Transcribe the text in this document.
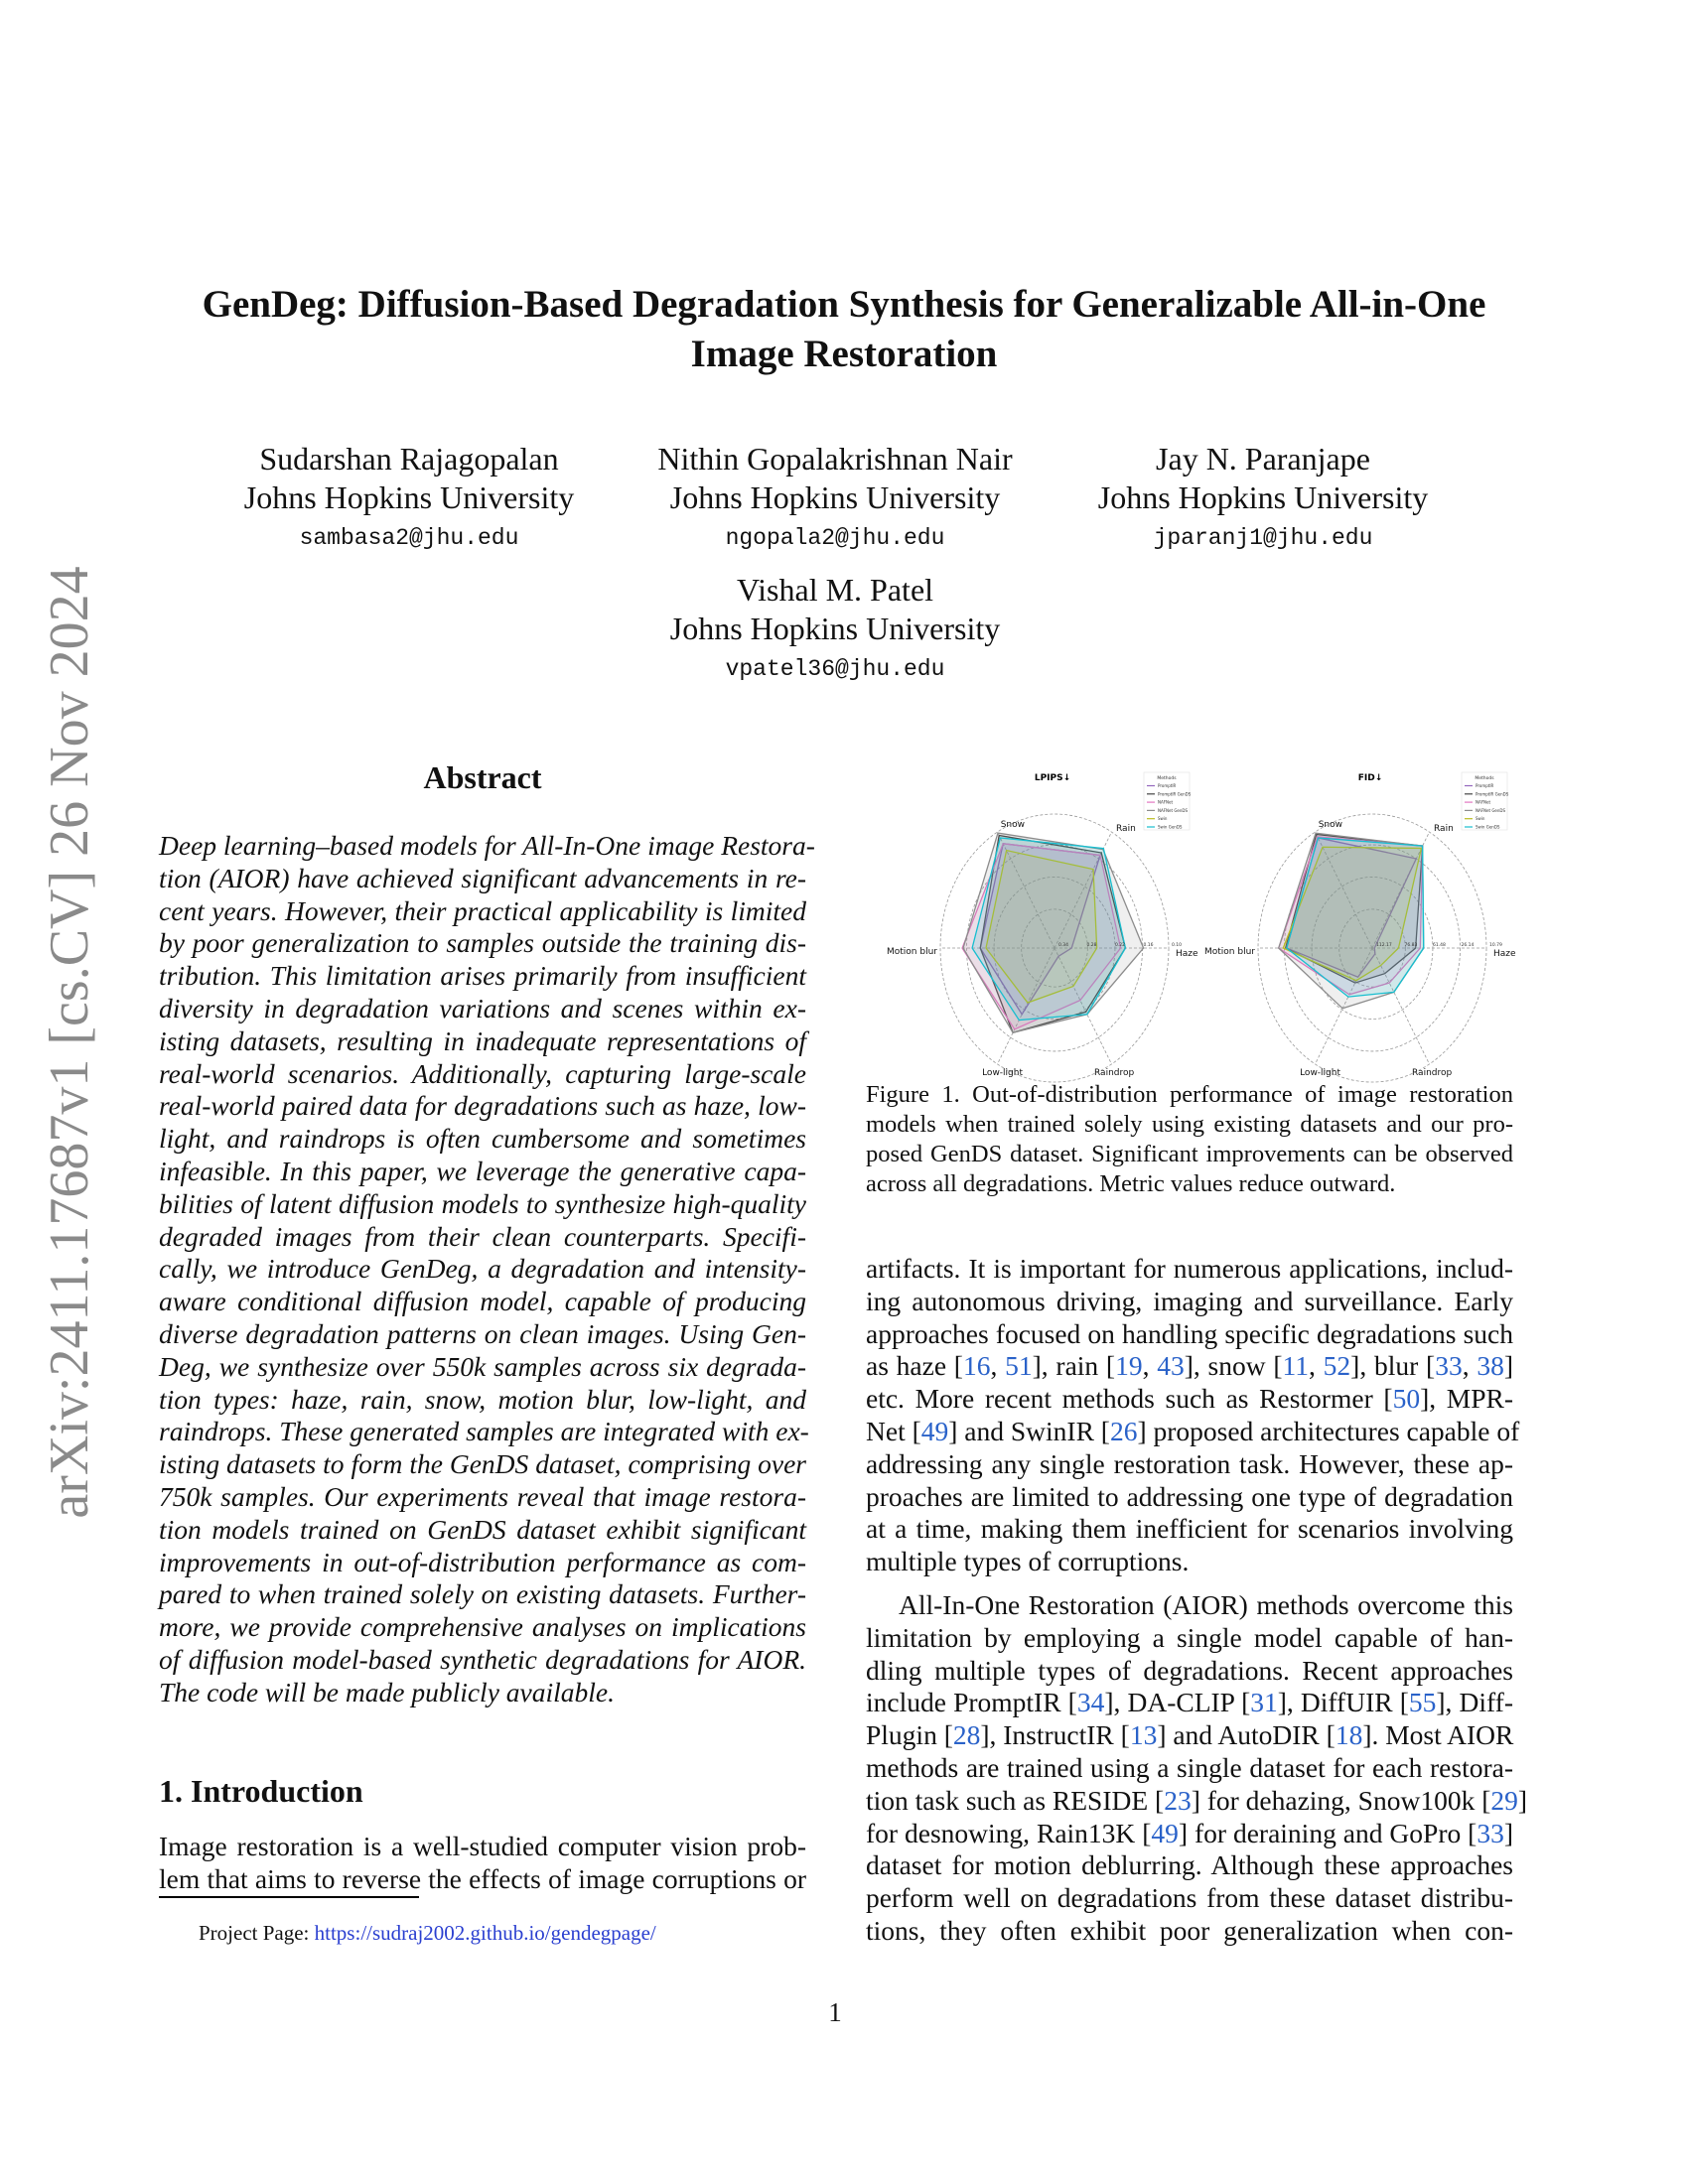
arXiv:2411.17687v1 [cs.CV] 26 Nov 2024
GenDeg: Diffusion-Based Degradation Synthesis for Generalizable All-in-One
Image Restoration
Sudarshan Rajagopalan
Johns Hopkins University
sambasa2@jhu.edu
Nithin Gopalakrishnan Nair
Johns Hopkins University
ngopala2@jhu.edu
Jay N. Paranjape
Johns Hopkins University
jparanj1@jhu.edu
Vishal M. Patel
Johns Hopkins University
vpatel36@jhu.edu
Abstract
Deep learning–based models for All-In-One image Restora-
tion (AIOR) have achieved significant advancements in re-
cent years. However, their practical applicability is limited
by poor generalization to samples outside the training dis-
tribution. This limitation arises primarily from insufficient
diversity in degradation variations and scenes within ex-
isting datasets, resulting in inadequate representations of
real-world scenarios. Additionally, capturing large-scale
real-world paired data for degradations such as haze, low-
light, and raindrops is often cumbersome and sometimes
infeasible. In this paper, we leverage the generative capa-
bilities of latent diffusion models to synthesize high-quality
degraded images from their clean counterparts. Specifi-
cally, we introduce GenDeg, a degradation and intensity-
aware conditional diffusion model, capable of producing
diverse degradation patterns on clean images. Using Gen-
Deg, we synthesize over 550k samples across six degrada-
tion types: haze, rain, snow, motion blur, low-light, and
raindrops. These generated samples are integrated with ex-
isting datasets to form the GenDS dataset, comprising over
750k samples. Our experiments reveal that image restora-
tion models trained on GenDS dataset exhibit significant
improvements in out-of-distribution performance as com-
pared to when trained solely on existing datasets. Further-
more, we provide comprehensive analyses on implications
of diffusion model-based synthetic degradations for AIOR.
The code will be made publicly available.
1. Introduction
Image restoration is a well-studied computer vision prob-
lem that aims to reverse the effects of image corruptions or
Project Page: https://sudraj2002.github.io/gendegpage/
Haze
Rain
Snow
Motion blur
Low-light	Raindrop
0.34	0.28	0.22	0.16	0.10
LPIPS↓	Methods
PromptIR
PromptIR GenDS
NAFNet
NAFNet GenDS
Swin
Swin GenDS
Haze
Rain
Snow
Motion blur
Low-light	Raindrop
112.17	76.83	61.48	26.14	10.79
FID↓	Methods
PromptIR
PromptIR GenDS
NAFNet
NAFNet GenDS
Swin
Swin GenDS
Figure 1. Out-of-distribution performance of image restoration
models when trained solely using existing datasets and our pro-
posed GenDS dataset. Significant improvements can be observed
across all degradations. Metric values reduce outward.
artifacts. It is important for numerous applications, includ-
ing autonomous driving, imaging and surveillance. Early
approaches focused on handling specific degradations such
as haze [16, 51], rain [19, 43], snow [11, 52], blur [33, 38]
etc. More recent methods such as Restormer [50], MPR-
Net [49] and SwinIR [26] proposed architectures capable of
addressing any single restoration task. However, these ap-
proaches are limited to addressing one type of degradation
at a time, making them inefficient for scenarios involving
multiple types of corruptions.
All-In-One Restoration (AIOR) methods overcome this
limitation by employing a single model capable of han-
dling multiple types of degradations. Recent approaches
include PromptIR [34], DA-CLIP [31], DiffUIR [55], Diff-
Plugin [28], InstructIR [13] and AutoDIR [18]. Most AIOR
methods are trained using a single dataset for each restora-
tion task such as RESIDE [23] for dehazing, Snow100k [29]
for desnowing, Rain13K [49] for deraining and GoPro [33]
dataset for motion deblurring. Although these approaches
perform well on degradations from these dataset distribu-
tions, they often exhibit poor generalization when con-
1
